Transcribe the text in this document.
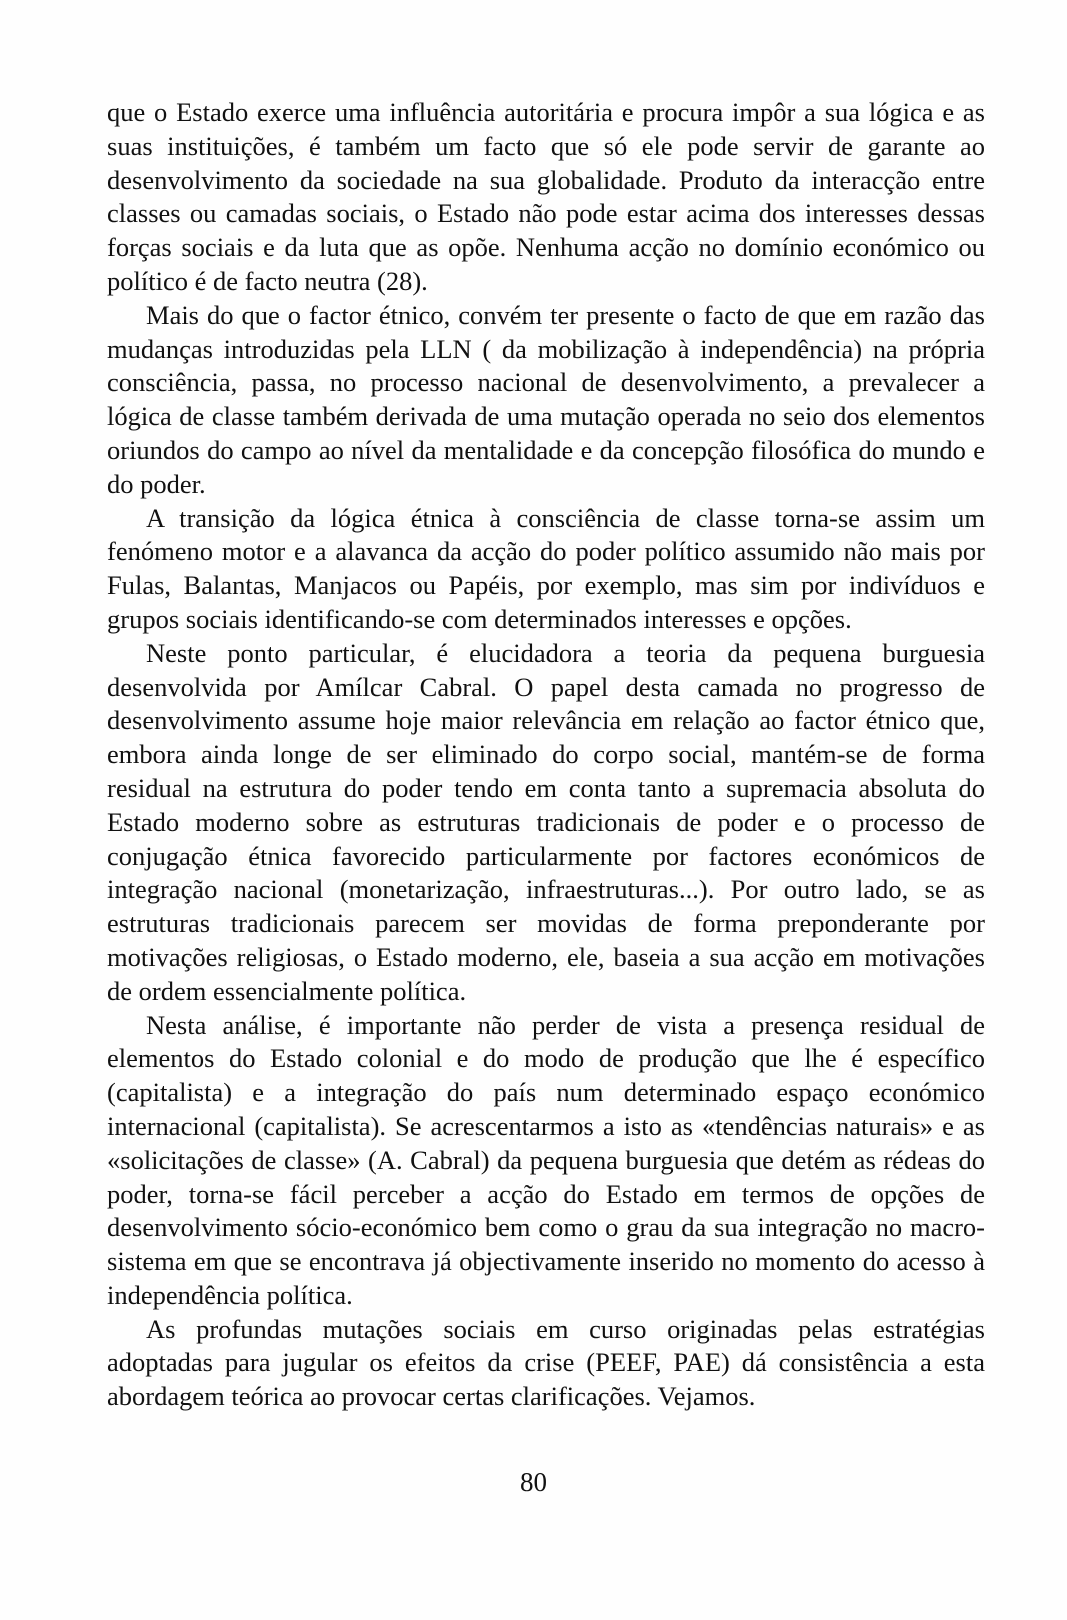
que o Estado exerce uma influência autoritária e procura impôr a sua lógica e as suas instituições, é também um facto que só ele pode servir de garante ao desenvolvimento da sociedade na sua globalidade. Produto da interacção entre classes ou camadas sociais, o Estado não pode estar acima dos interesses dessas forças sociais e da luta que as opõe. Nenhuma acção no domínio económico ou político é de facto neutra (28).

Mais do que o factor étnico, convém ter presente o facto de que em razão das mudanças introduzidas pela LLN ( da mobilização à independência) na própria consciência, passa, no processo nacional de desenvolvimento, a prevalecer a lógica de classe também derivada de uma mutação operada no seio dos elementos oriundos do campo ao nível da mentalidade e da concepção filosófica do mundo e do poder.

A transição da lógica étnica à consciência de classe torna-se assim um fenómeno motor e a alavanca da acção do poder político assumido não mais por Fulas, Balantas, Manjacos ou Papéis, por exemplo, mas sim por indivíduos e grupos sociais identificando-se com determinados interesses e opções.

Neste ponto particular, é elucidadora a teoria da pequena burguesia desenvolvida por Amílcar Cabral. O papel desta camada no progresso de desenvolvimento assume hoje maior relevância em relação ao factor étnico que, embora ainda longe de ser eliminado do corpo social, mantém-se de forma residual na estrutura do poder tendo em conta tanto a supremacia absoluta do Estado moderno sobre as estruturas tradicionais de poder e o processo de conjugação étnica favorecido particularmente por factores económicos de integração nacional (monetarização, infraestruturas...). Por outro lado, se as estruturas tradicionais parecem ser movidas de forma preponderante por motivações religiosas, o Estado moderno, ele, baseia a sua acção em motivações de ordem essencialmente política.

Nesta análise, é importante não perder de vista a presença residual de elementos do Estado colonial e do modo de produção que lhe é específico (capitalista) e a integração do país num determinado espaço económico internacional (capitalista). Se acrescentarmos a isto as «tendências naturais» e as «solicitações de classe» (A. Cabral) da pequena burguesia que detém as rédeas do poder, torna-se fácil perceber a acção do Estado em termos de opções de desenvolvimento sócio-económico bem como o grau da sua integração no macro-sistema em que se encontrava já objectivamente inserido no momento do acesso à independência política.

As profundas mutações sociais em curso originadas pelas estratégias adoptadas para jugular os efeitos da crise (PEEF, PAE) dá consistência a esta abordagem teórica ao provocar certas clarificações. Vejamos.

80
